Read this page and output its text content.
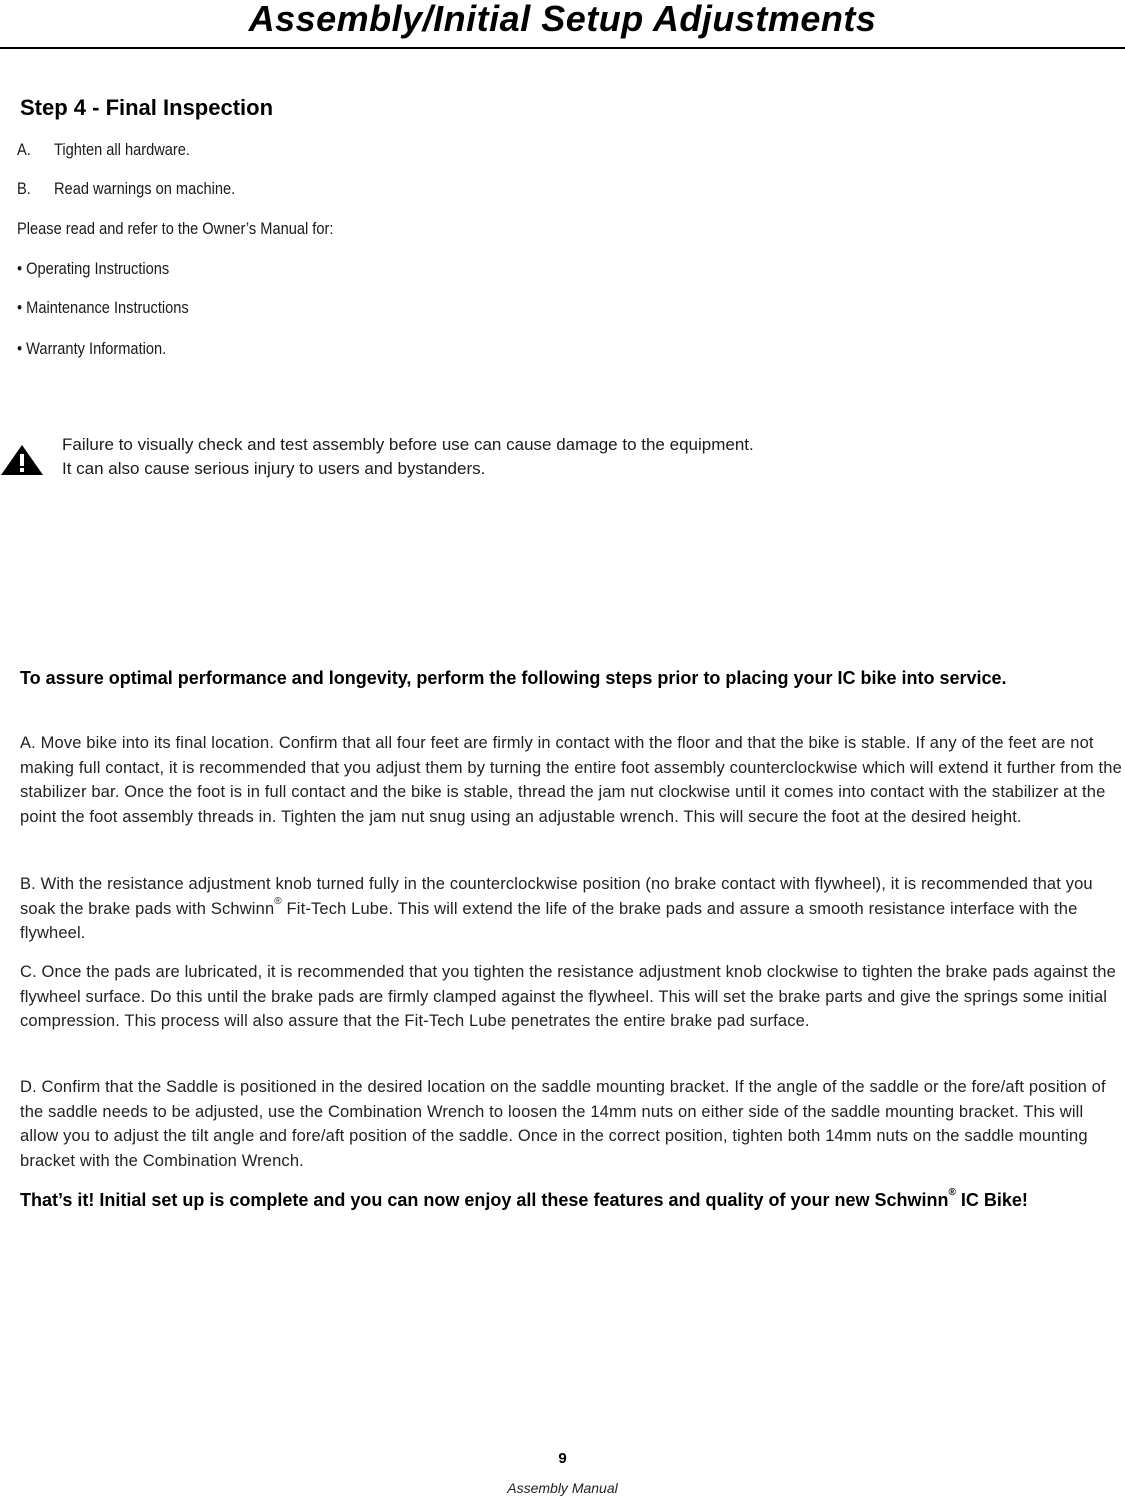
Assembly/Initial Setup Adjustments
Step 4 - Final Inspection
A. Tighten all hardware.
B. Read warnings on machine.
Please read and refer to the Owner’s Manual for:
• Operating Instructions
• Maintenance Instructions
• Warranty Information.
Failure to visually check and test assembly before use can cause damage to the equipment.
It can also cause serious injury to users and bystanders.
To assure optimal performance and longevity, perform the following steps prior to placing your IC bike into service.
A. Move bike into its final location. Confirm that all four feet are firmly in contact with the floor and that the bike is stable. If any of the feet are not making full contact, it is recommended that you adjust them by turning the entire foot assembly counterclockwise which will extend it further from the stabilizer bar. Once the foot is in full contact and the bike is stable, thread the jam nut clockwise until it comes into contact with the stabilizer at the point the foot assembly threads in. Tighten the jam nut snug using an adjustable wrench. This will secure the foot at the desired height.
B. With the resistance adjustment knob turned fully in the counterclockwise position (no brake contact with flywheel), it is recommended that you soak the brake pads with Schwinn® Fit-Tech Lube. This will extend the life of the brake pads and assure a smooth resistance interface with the flywheel.
C. Once the pads are lubricated, it is recommended that you tighten the resistance adjustment knob clockwise to tighten the brake pads against the flywheel surface. Do this until the brake pads are firmly clamped against the flywheel. This will set the brake parts and give the springs some initial compression. This process will also assure that the Fit-Tech Lube penetrates the entire brake pad surface.
D. Confirm that the Saddle is positioned in the desired location on the saddle mounting bracket. If the angle of the saddle or the fore/aft position of the saddle needs to be adjusted, use the Combination Wrench to loosen the 14mm nuts on either side of the saddle mounting bracket. This will allow you to adjust the tilt angle and fore/aft position of the saddle. Once in the correct position, tighten both 14mm nuts on the saddle mounting bracket with the Combination Wrench.
That’s it! Initial set up is complete and you can now enjoy all these features and quality of your new Schwinn® IC Bike!
9
Assembly Manual
